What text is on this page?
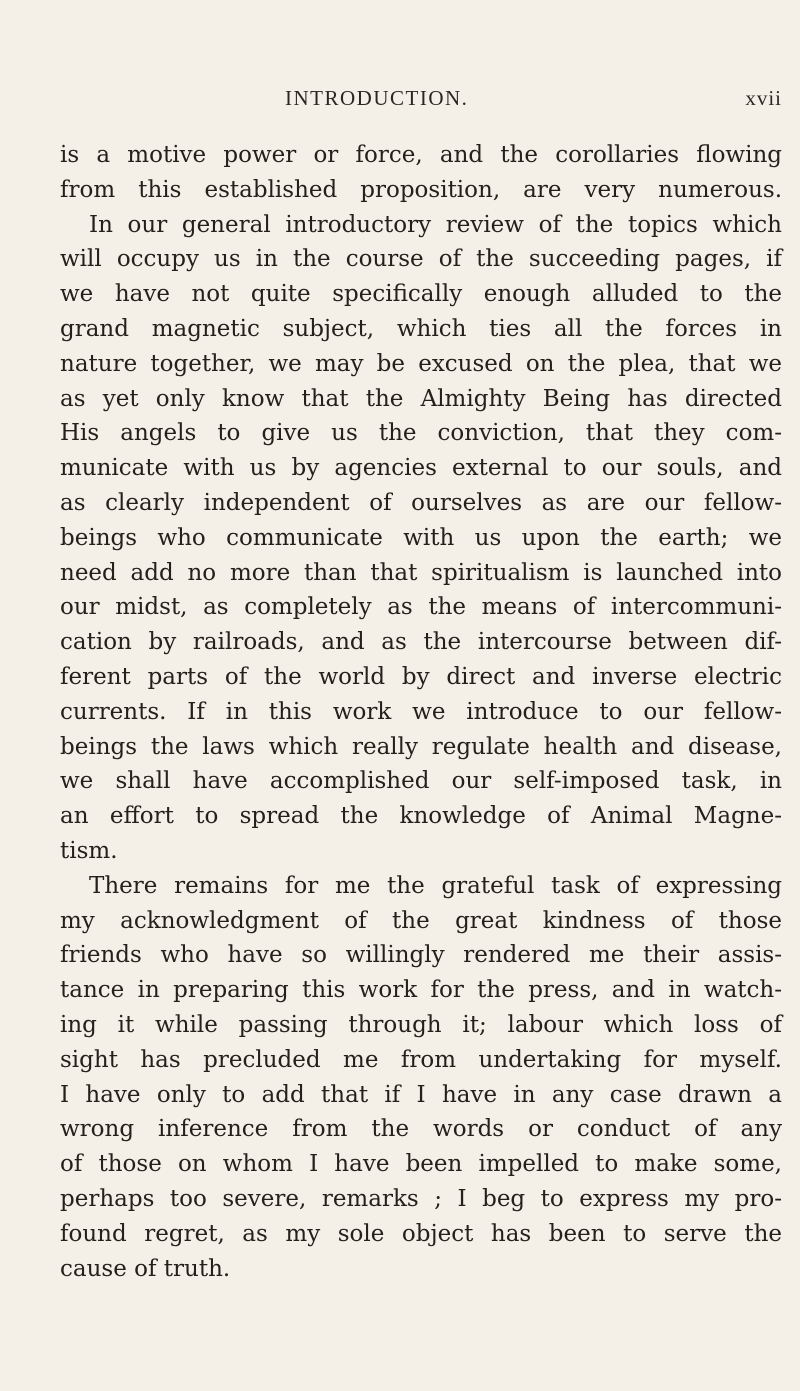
INTRODUCTION.	xvii
is a motive power or force, and the corollaries flowing
from this established proposition, are very numerous.
In our general introductory review of the topics which
will occupy us in the course of the succeeding pages, if
we have not quite specifically enough alluded to the
grand magnetic subject, which ties all the forces in
nature together, we may be excused on the plea, that we
as yet only know that the Almighty Being has directed
His angels to give us the conviction, that they com-
municate with us by agencies external to our souls, and
as clearly independent of ourselves as are our fellow-
beings who communicate with us upon the earth; we
need add no more than that spiritualism is launched into
our midst, as completely as the means of intercommuni-
cation by railroads, and as the intercourse between dif-
ferent parts of the world by direct and inverse electric
currents. If in this work we introduce to our fellow-
beings the laws which really regulate health and disease,
we shall have accomplished our self-imposed task, in
an effort to spread the knowledge of Animal Magne-
tism.
There remains for me the grateful task of expressing
my acknowledgment of the great kindness of those
friends who have so willingly rendered me their assis-
tance in preparing this work for the press, and in watch-
ing it while passing through it; labour which loss of
sight has precluded me from undertaking for myself.
I have only to add that if I have in any case drawn a
wrong inference from the words or conduct of any
of those on whom I have been impelled to make some,
perhaps too severe, remarks ; I beg to express my pro-
found regret, as my sole object has been to serve the
cause of truth.
